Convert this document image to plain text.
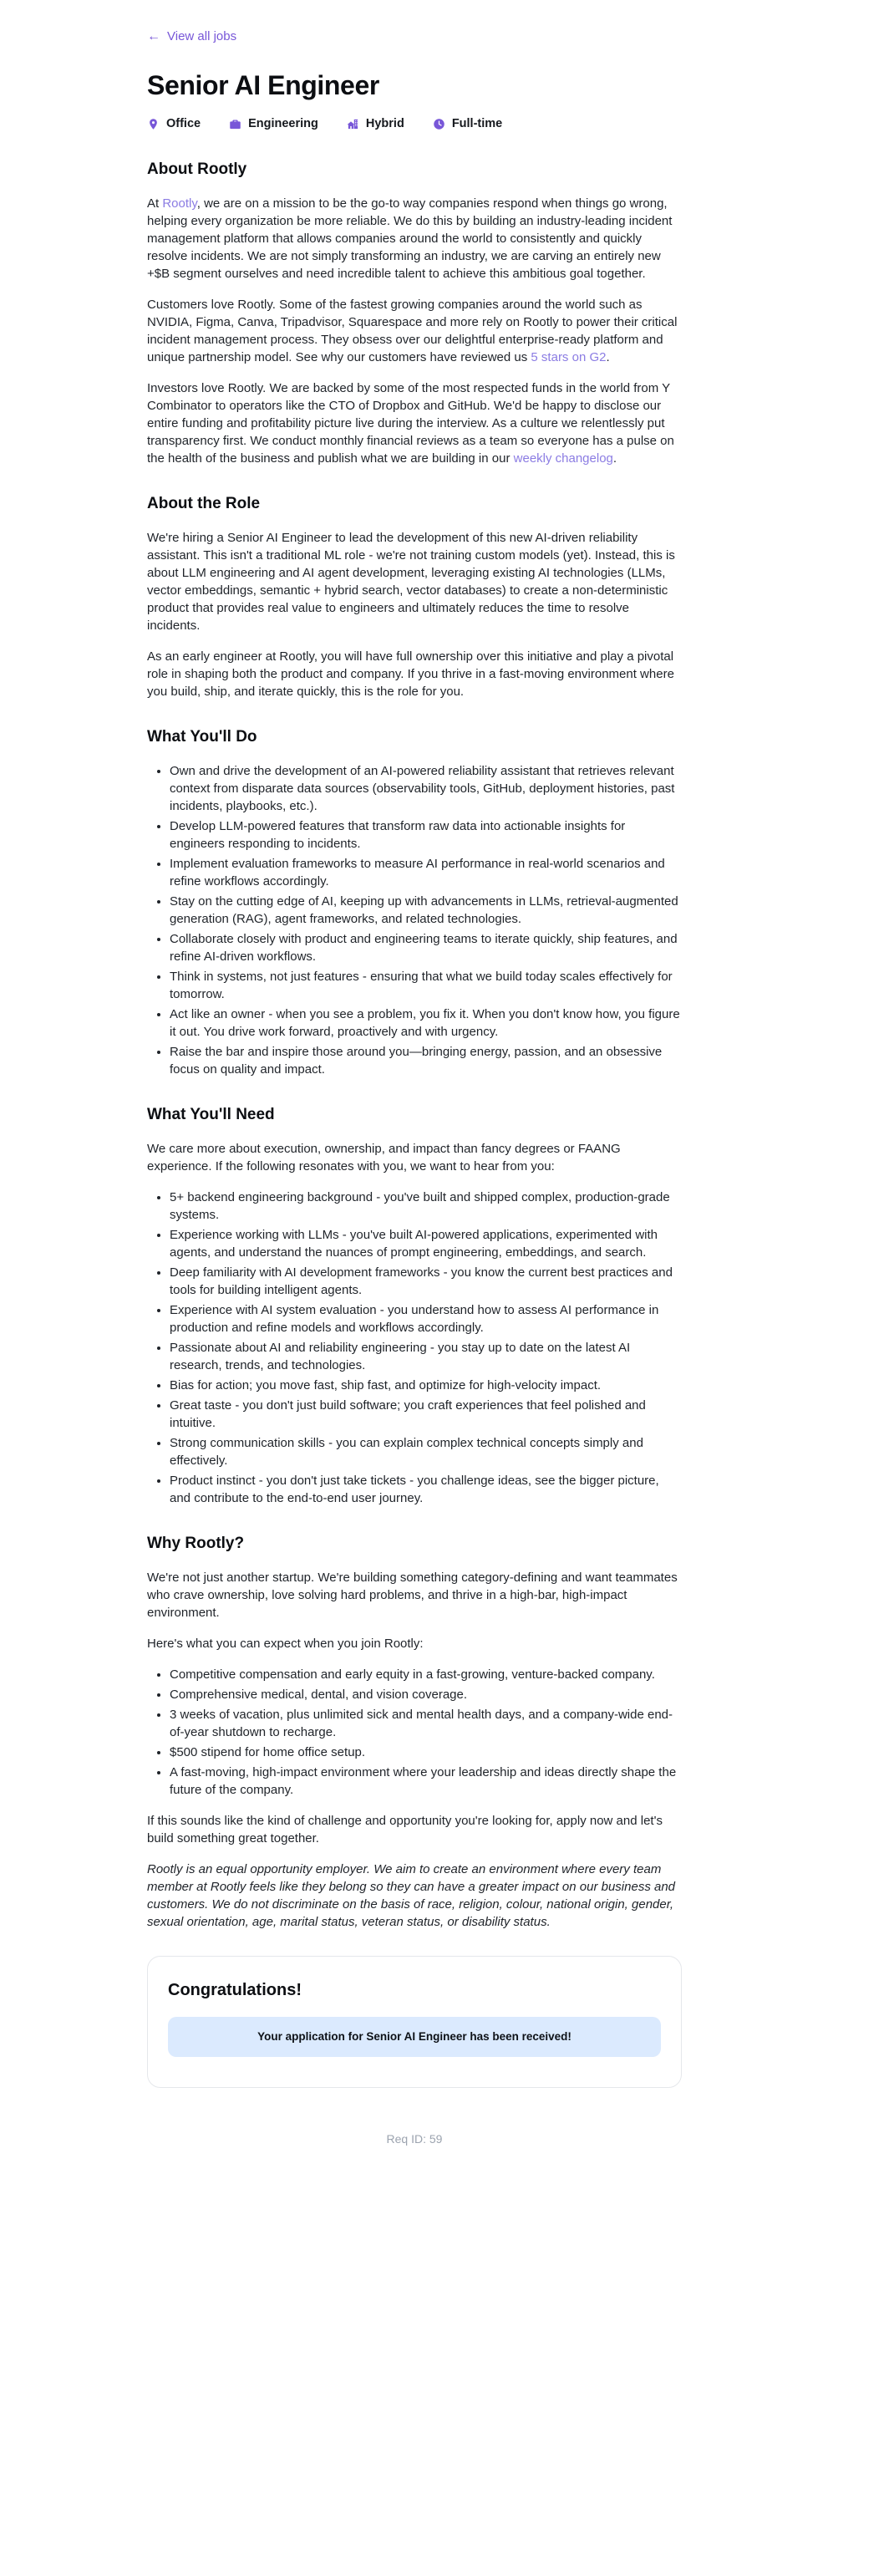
← View all jobs
Senior AI Engineer
Office	Engineering	Hybrid	Full-time
About Rootly

At Rootly, we are on a mission to be the go-to way companies respond when things go wrong, helping every organization be more reliable. We do this by building an industry-leading incident management platform that allows companies around the world to consistently and quickly resolve incidents. We are not simply transforming an industry, we are carving an entirely new +$B segment ourselves and need incredible talent to achieve this ambitious goal together.

Customers love Rootly. Some of the fastest growing companies around the world such as NVIDIA, Figma, Canva, Tripadvisor, Squarespace and more rely on Rootly to power their critical incident management process. They obsess over our delightful enterprise-ready platform and unique partnership model. See why our customers have reviewed us 5 stars on G2.

Investors love Rootly. We are backed by some of the most respected funds in the world from Y Combinator to operators like the CTO of Dropbox and GitHub. We'd be happy to disclose our entire funding and profitability picture live during the interview. As a culture we relentlessly put transparency first. We conduct monthly financial reviews as a team so everyone has a pulse on the health of the business and publish what we are building in our weekly changelog.

About the Role

We're hiring a Senior AI Engineer to lead the development of this new AI-driven reliability assistant. This isn't a traditional ML role - we're not training custom models (yet). Instead, this is about LLM engineering and AI agent development, leveraging existing AI technologies (LLMs, vector embeddings, semantic + hybrid search, vector databases) to create a non-deterministic product that provides real value to engineers and ultimately reduces the time to resolve incidents.

As an early engineer at Rootly, you will have full ownership over this initiative and play a pivotal role in shaping both the product and company. If you thrive in a fast-moving environment where you build, ship, and iterate quickly, this is the role for you.

What You'll Do
• Own and drive the development of an AI-powered reliability assistant that retrieves relevant context from disparate data sources (observability tools, GitHub, deployment histories, past incidents, playbooks, etc.).
• Develop LLM-powered features that transform raw data into actionable insights for engineers responding to incidents.
• Implement evaluation frameworks to measure AI performance in real-world scenarios and refine workflows accordingly.
• Stay on the cutting edge of AI, keeping up with advancements in LLMs, retrieval-augmented generation (RAG), agent frameworks, and related technologies.
• Collaborate closely with product and engineering teams to iterate quickly, ship features, and refine AI-driven workflows.
• Think in systems, not just features - ensuring that what we build today scales effectively for tomorrow.
• Act like an owner - when you see a problem, you fix it. When you don't know how, you figure it out. You drive work forward, proactively and with urgency.
• Raise the bar and inspire those around you—bringing energy, passion, and an obsessive focus on quality and impact.
What You'll Need

We care more about execution, ownership, and impact than fancy degrees or FAANG experience. If the following resonates with you, we want to hear from you:

• 5+ backend engineering background - you've built and shipped complex, production-grade systems.
• Experience working with LLMs - you've built AI-powered applications, experimented with agents, and understand the nuances of prompt engineering, embeddings, and search.
• Deep familiarity with AI development frameworks - you know the current best practices and tools for building intelligent agents.
• Experience with AI system evaluation - you understand how to assess AI performance in production and refine models and workflows accordingly.
• Passionate about AI and reliability engineering - you stay up to date on the latest AI research, trends, and technologies.
• Bias for action; you move fast, ship fast, and optimize for high-velocity impact.
• Great taste - you don't just build software; you craft experiences that feel polished and intuitive.
• Strong communication skills - you can explain complex technical concepts simply and effectively.
• Product instinct - you don't just take tickets - you challenge ideas, see the bigger picture, and contribute to the end-to-end user journey.
Why Rootly?

We're not just another startup. We're building something category-defining and want teammates who crave ownership, love solving hard problems, and thrive in a high-bar, high-impact environment.

Here's what you can expect when you join Rootly:

• Competitive compensation and early equity in a fast-growing, venture-backed company.
• Comprehensive medical, dental, and vision coverage.
• 3 weeks of vacation, plus unlimited sick and mental health days, and a company-wide end-of-year shutdown to recharge.
• $500 stipend for home office setup.
• A fast-moving, high-impact environment where your leadership and ideas directly shape the future of the company.

If this sounds like the kind of challenge and opportunity you're looking for, apply now and let's build something great together.

Rootly is an equal opportunity employer. We aim to create an environment where every team member at Rootly feels like they belong so they can have a greater impact on our business and customers. We do not discriminate on the basis of race, religion, colour, national origin, gender, sexual orientation, age, marital status, veteran status, or disability status.

Congratulations!
Your application for Senior AI Engineer has been received!
Req ID: 59
